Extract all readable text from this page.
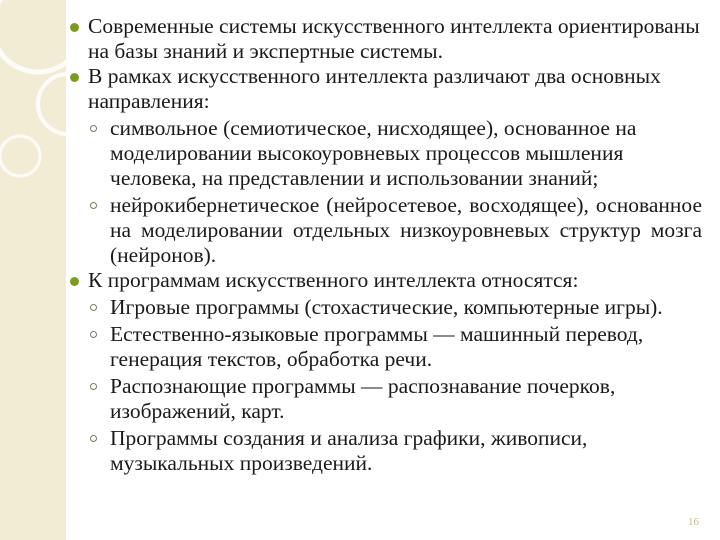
Современные системы искусственного интеллекта ориентированы на базы знаний и экспертные системы.
В рамках искусственного интеллекта различают два основных направления:
символьное (семиотическое, нисходящее), основанное на моделировании высокоуровневых процессов мышления человека, на представлении и использовании знаний;
нейрокибернетическое (нейросетевое, восходящее), основанное на моделировании отдельных низкоуровневых структур мозга (нейронов).
К программам искусственного интеллекта относятся:
Игровые программы (стохастические, компьютерные игры).
Естественно-языковые программы — машинный перевод, генерация текстов, обработка речи.
Распознающие программы — распознавание почерков, изображений, карт.
Программы создания и анализа графики, живописи, музыкальных произведений.
16
